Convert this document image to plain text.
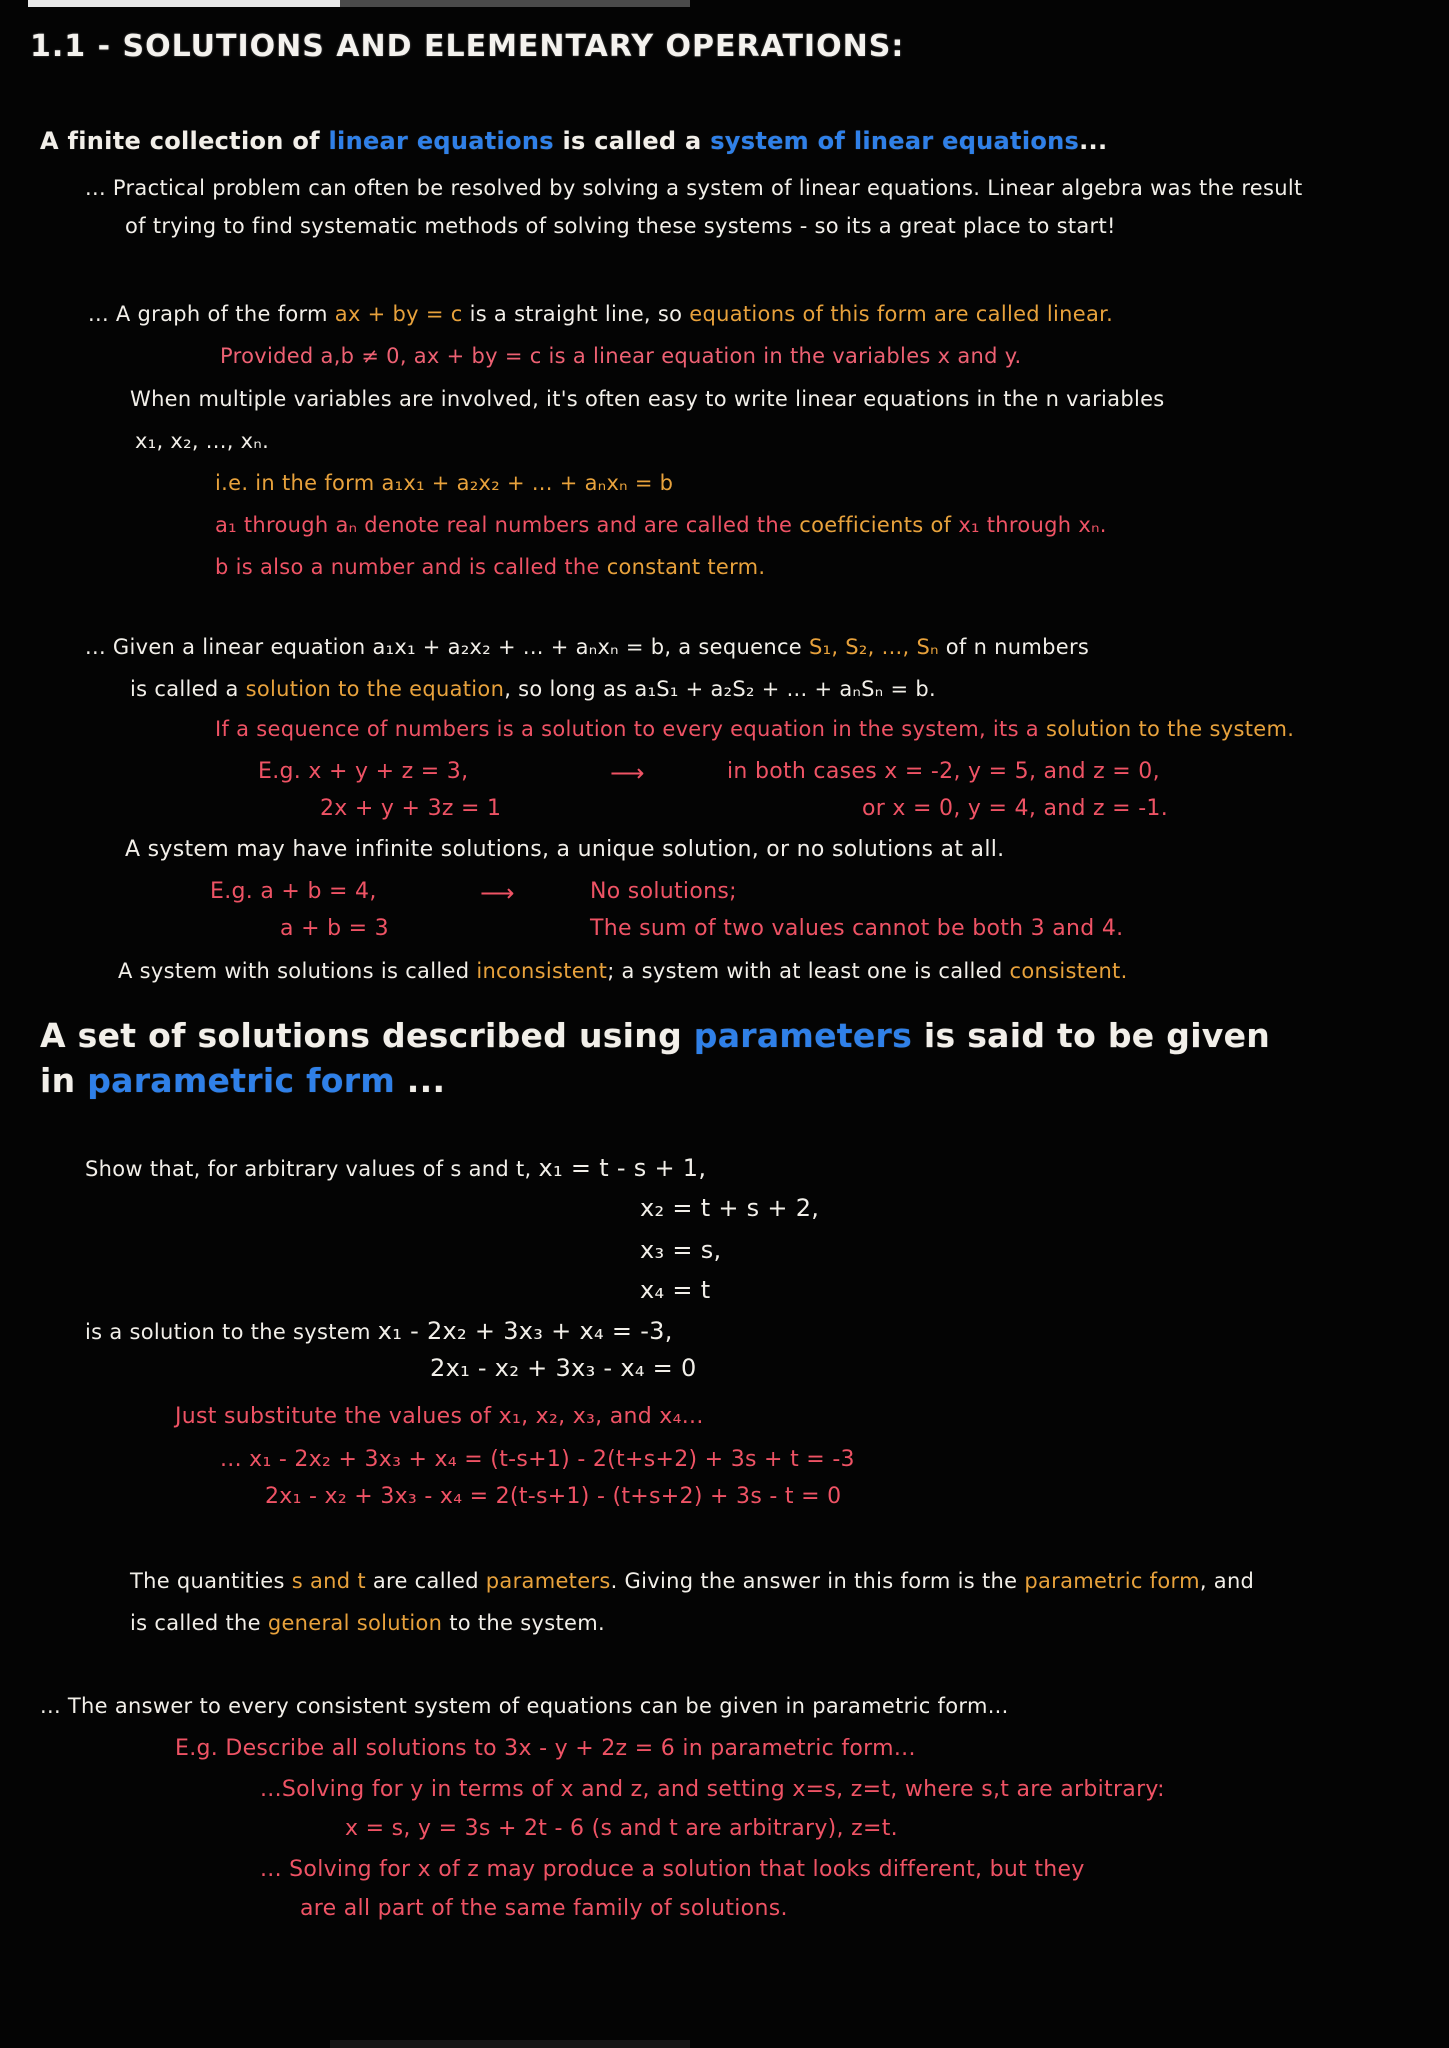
1.1 - SOLUTIONS AND ELEMENTARY OPERATIONS:
A finite collection of linear equations is called a system of linear equations...
... Practical problem can often be resolved by solving a system of linear equations. Linear algebra was the result
of trying to find systematic methods of solving these systems - so its a great place to start!
... A graph of the form ax + by = c is a straight line, so equations of this form are called linear.
Provided a,b ≠ 0, ax + by = c is a linear equation in the variables x and y.
When multiple variables are involved, it's often easy to write linear equations in the n variables
x₁, x₂, ..., xₙ.
i.e. in the form a₁x₁ + a₂x₂ + ... + aₙxₙ = b
a₁ through aₙ denote real numbers and are called the coefficients of x₁ through xₙ.
b is also a number and is called the constant term.
... Given a linear equation a₁x₁ + a₂x₂ + ... + aₙxₙ = b, a sequence S₁, S₂, ..., Sₙ of n numbers
is called a solution to the equation, so long as a₁S₁ + a₂S₂ + ... + aₙSₙ = b.
If a sequence of numbers is a solution to every equation in the system, its a solution to the system.
E.g. x + y + z = 3,	⟶	in both cases x = -2, y = 5, and z = 0,
2x + y + 3z = 1	or x = 0, y = 4, and z = -1.
A system may have infinite solutions, a unique solution, or no solutions at all.
E.g. a + b = 4,	⟶	No solutions;
a + b = 3	The sum of two values cannot be both 3 and 4.
A system with solutions is called inconsistent; a system with at least one is called consistent.
A set of solutions described using parameters is said to be given
in parametric form ...
Show that, for arbitrary values of s and t, x₁ = t - s + 1,
x₂ = t + s + 2,
x₃ = s,
x₄ = t
is a solution to the system x₁ - 2x₂ + 3x₃ + x₄ = -3,
2x₁ - x₂ + 3x₃ - x₄ = 0
Just substitute the values of x₁, x₂, x₃, and x₄...
... x₁ - 2x₂ + 3x₃ + x₄ = (t-s+1) - 2(t+s+2) + 3s + t = -3
2x₁ - x₂ + 3x₃ - x₄ = 2(t-s+1) - (t+s+2) + 3s - t = 0
The quantities s and t are called parameters. Giving the answer in this form is the parametric form, and
is called the general solution to the system.
... The answer to every consistent system of equations can be given in parametric form...
E.g. Describe all solutions to 3x - y + 2z = 6 in parametric form...
...Solving for y in terms of x and z, and setting x=s, z=t, where s,t are arbitrary:
x = s, y = 3s + 2t - 6 (s and t are arbitrary), z=t.
... Solving for x of z may produce a solution that looks different, but they
are all part of the same family of solutions.
